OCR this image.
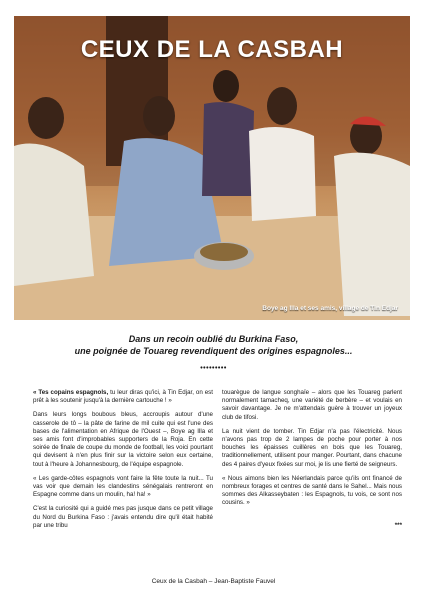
CEUX DE LA CASBAH
Boye ag Illa et ses amis, village de Tin Edjar
Dans un recoin oublié du Burkina Faso,
une poignée de Touareg revendiquent des origines espagnoles...
•••••••••

« Tes copains espagnols, tu leur diras qu'ici, à Tin Edjar, on est prêt à les soutenir jusqu'à la dernière cartouche ! »

Dans leurs longs boubous bleus, accroupis autour d'une casserole de tô – la pâte de farine de mil cuite qui est l'une des bases de l'alimentation en Afrique de l'Ouest –, Boye ag Illa et ses amis font d'improbables supporters de la Roja. En cette soirée de finale de coupe du monde de football, les voici pourtant qui devisent à n'en plus finir sur la victoire selon eux certaine, tout à l'heure à Johannesbourg, de l'équipe espagnole.

« Les garde-côtes espagnols vont faire la fête toute la nuit... Tu vas voir que demain les clandestins sénégalais rentreront en Espagne comme dans un moulin, ha! ha! »

C'est la curiosité qui a guidé mes pas jusque dans ce petit village du Nord du Burkina Faso : j'avais entendu dire qu'il était habité par une tribu

touarègue de langue songhaïe – alors que les Touareg parlent normalement tamacheq, une variété de berbère – et voulais en savoir davantage. Je ne m'attendais guère à trouver un joyeux club de tifosi.

La nuit vient de tomber. Tin Edjar n'a pas l'électricité. Nous n'avons pas trop de 2 lampes de poche pour porter à nos bouches les épaisses cuillères en bois que les Touareg, traditionnellement, utilisent pour manger. Pourtant, dans chacune des 4 paires d'yeux fixées sur moi, je lis une fierté de seigneurs.

« Nous aimons bien les Néerlandais parce qu'ils ont financé de nombreux forages et centres de santé dans le Sahel... Mais nous sommes des Alkasseybaten : les Espagnols, tu vois, ce sont nos cousins. »

***
Ceux de la Casbah – Jean-Baptiste Fauvel
